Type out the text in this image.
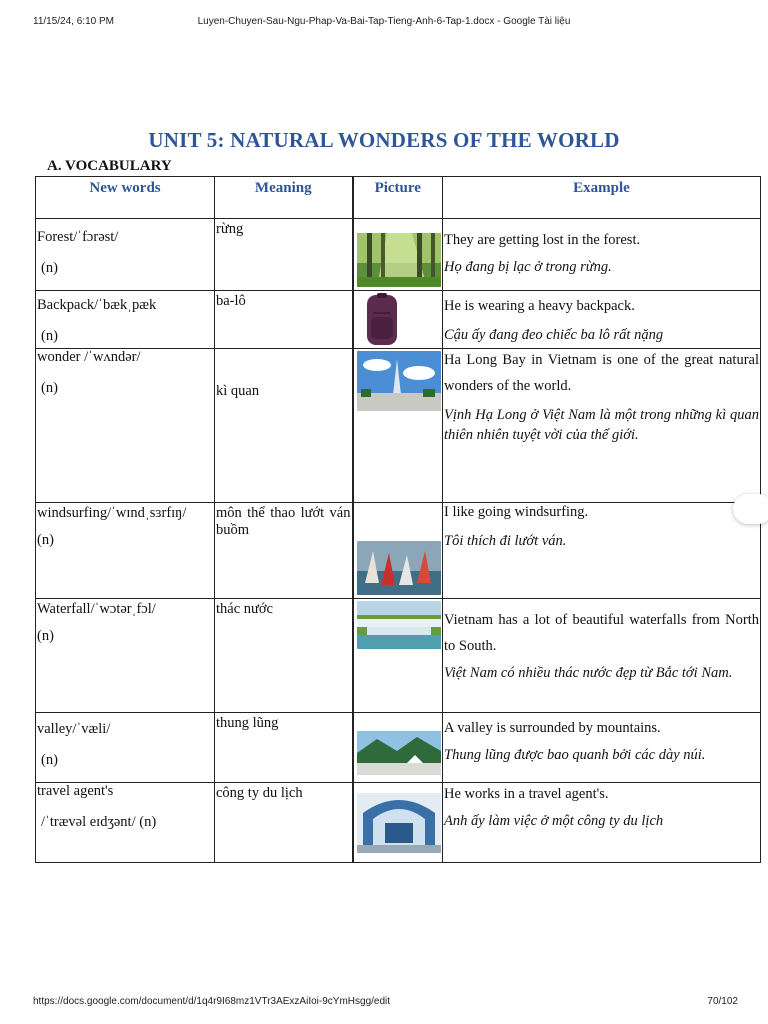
11/15/24, 6:10 PM	Luyen-Chuyen-Sau-Ngu-Phap-Va-Bai-Tap-Tieng-Anh-6-Tap-1.docx - Google Tài liệu
UNIT 5: NATURAL WONDERS OF THE WORLD
A. VOCABULARY
New words	Meaning	Picture	Example

Forest/ˈfɔrəst/
(n)	rừng		They are getting lost in the forest.
Họ đang bị lạc ở trong rừng.

Backpack/ˈbækˌpæk
(n)	ba-lô		He is wearing a heavy backpack.
Cậu ấy đang đeo chiếc ba lô rất nặng

wonder /ˈwʌndər/
(n)	kì quan		Ha Long Bay in Vietnam is one of the great natural wonders of the world.
Vịnh Hạ Long ở Việt Nam là một trong những kì quan thiên nhiên tuyệt vời của thế giới.

windsurfing/ˈwɪndˌsɜrfɪŋ/
(n)	môn thể thao lướt ván buồm		I like going windsurfing.
Tôi thích đi lướt ván.

Waterfall/ˈwɔtərˌfɔl/
(n)	thác nước		Vietnam has a lot of beautiful waterfalls from North to South.
Việt Nam có nhiều thác nước đẹp từ Bắc tới Nam.

valley/ˈvæli/
(n)	thung lũng		A valley is surrounded by mountains.
Thung lũng được bao quanh bởi các dày núi.

travel agent's
/ˈtrævəl eɪdʒənt/ (n)	công ty du lịch		He works in a travel agent's.
Anh ấy làm việc ở một công ty du lịch
https://docs.google.com/document/d/1q4r9I68mz1VTr3AExzAiIoi-9cYmHsgg/edit	70/102
